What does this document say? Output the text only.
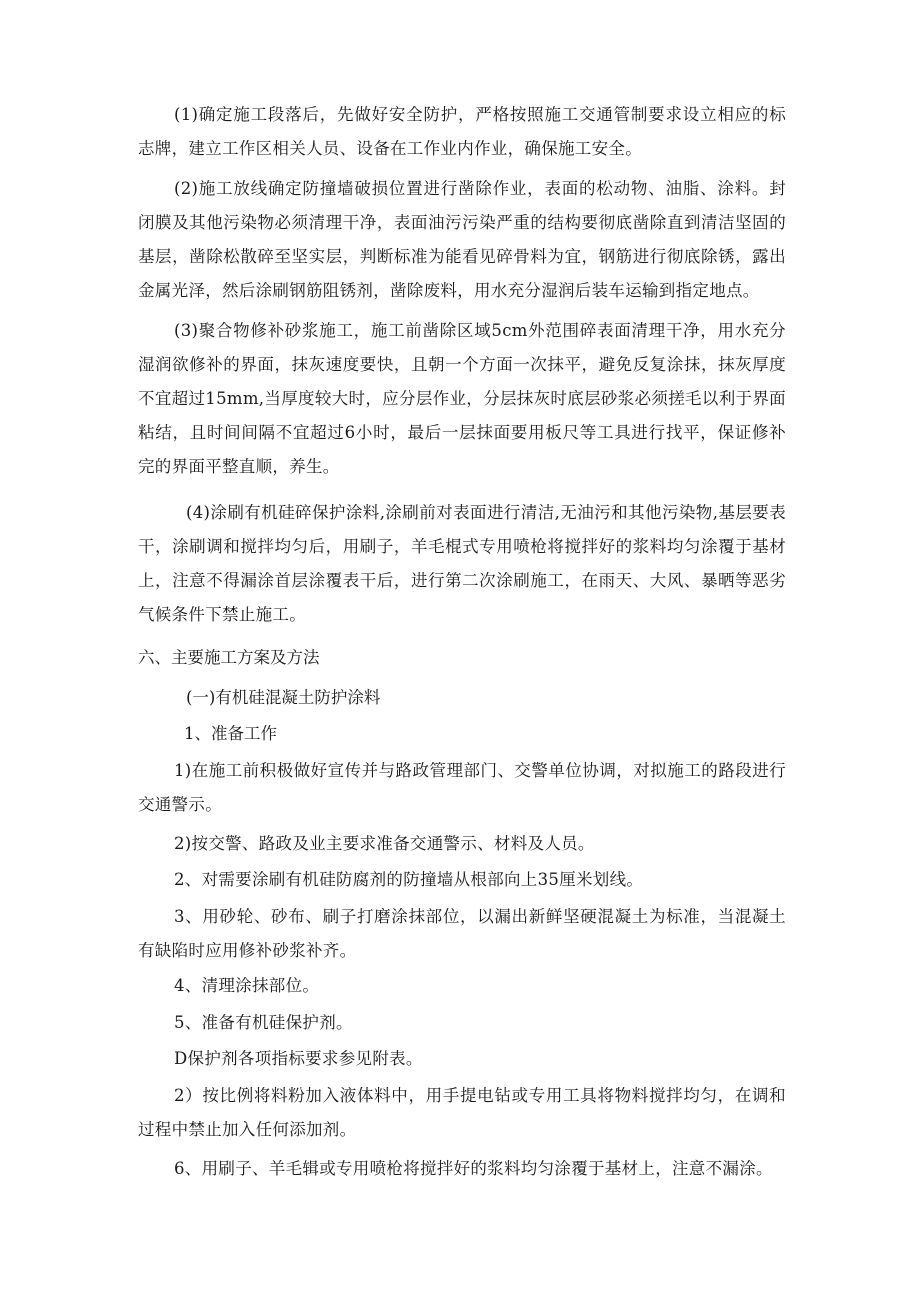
(1)确定施工段落后，先做好安全防护，严格按照施工交通管制要求设立相应的标志牌，建立工作区相关人员、设备在工作业内作业，确保施工安全。

(2)施工放线确定防撞墙破损位置进行凿除作业，表面的松动物、油脂、涂料。封闭膜及其他污染物必须清理干净，表面油污污染严重的结构要彻底凿除直到清洁坚固的基层，凿除松散碎至坚实层，判断标准为能看见碎骨料为宜，钢筋进行彻底除锈，露出金属光泽，然后涂刷钢筋阻锈剂，凿除废料，用水充分湿润后装车运输到指定地点。

(3)聚合物修补砂浆施工，施工前凿除区域5cm外范围碎表面清理干净，用水充分湿润欲修补的界面，抹灰速度要快，且朝一个方面一次抹平，避免反复涂抹，抹灰厚度不宜超过15mm,当厚度较大时，应分层作业，分层抹灰时底层砂浆必须搓毛以利于界面粘结，且时间间隔不宜超过6小时，最后一层抹面要用板尺等工具进行找平，保证修补完的界面平整直顺，养生。

(4)涂刷有机硅碎保护涂料,涂刷前对表面进行清洁,无油污和其他污染物,基层要表干，涂刷调和搅拌均匀后，用刷子，羊毛棍式专用喷枪将搅拌好的浆料均匀涂覆于基材上，注意不得漏涂首层涂覆表干后，进行第二次涂刷施工，在雨天、大风、暴晒等恶劣气候条件下禁止施工。

六、主要施工方案及方法

(一)有机硅混凝土防护涂料

1、准备工作

1)在施工前积极做好宣传并与路政管理部门、交警单位协调，对拟施工的路段进行交通警示。

2)按交警、路政及业主要求准备交通警示、材料及人员。

2、对需要涂刷有机硅防腐剂的防撞墙从根部向上35厘米划线。

3、用砂轮、砂布、刷子打磨涂抹部位，以漏出新鲜坚硬混凝土为标准，当混凝土有缺陷时应用修补砂浆补齐。

4、清理涂抹部位。

5、准备有机硅保护剂。

D保护剂各项指标要求参见附表。

2）按比例将料粉加入液体料中，用手提电钻或专用工具将物料搅拌均匀，在调和过程中禁止加入任何添加剂。

6、用刷子、羊毛辑或专用喷枪将搅拌好的浆料均匀涂覆于基材上，注意不漏涂。
